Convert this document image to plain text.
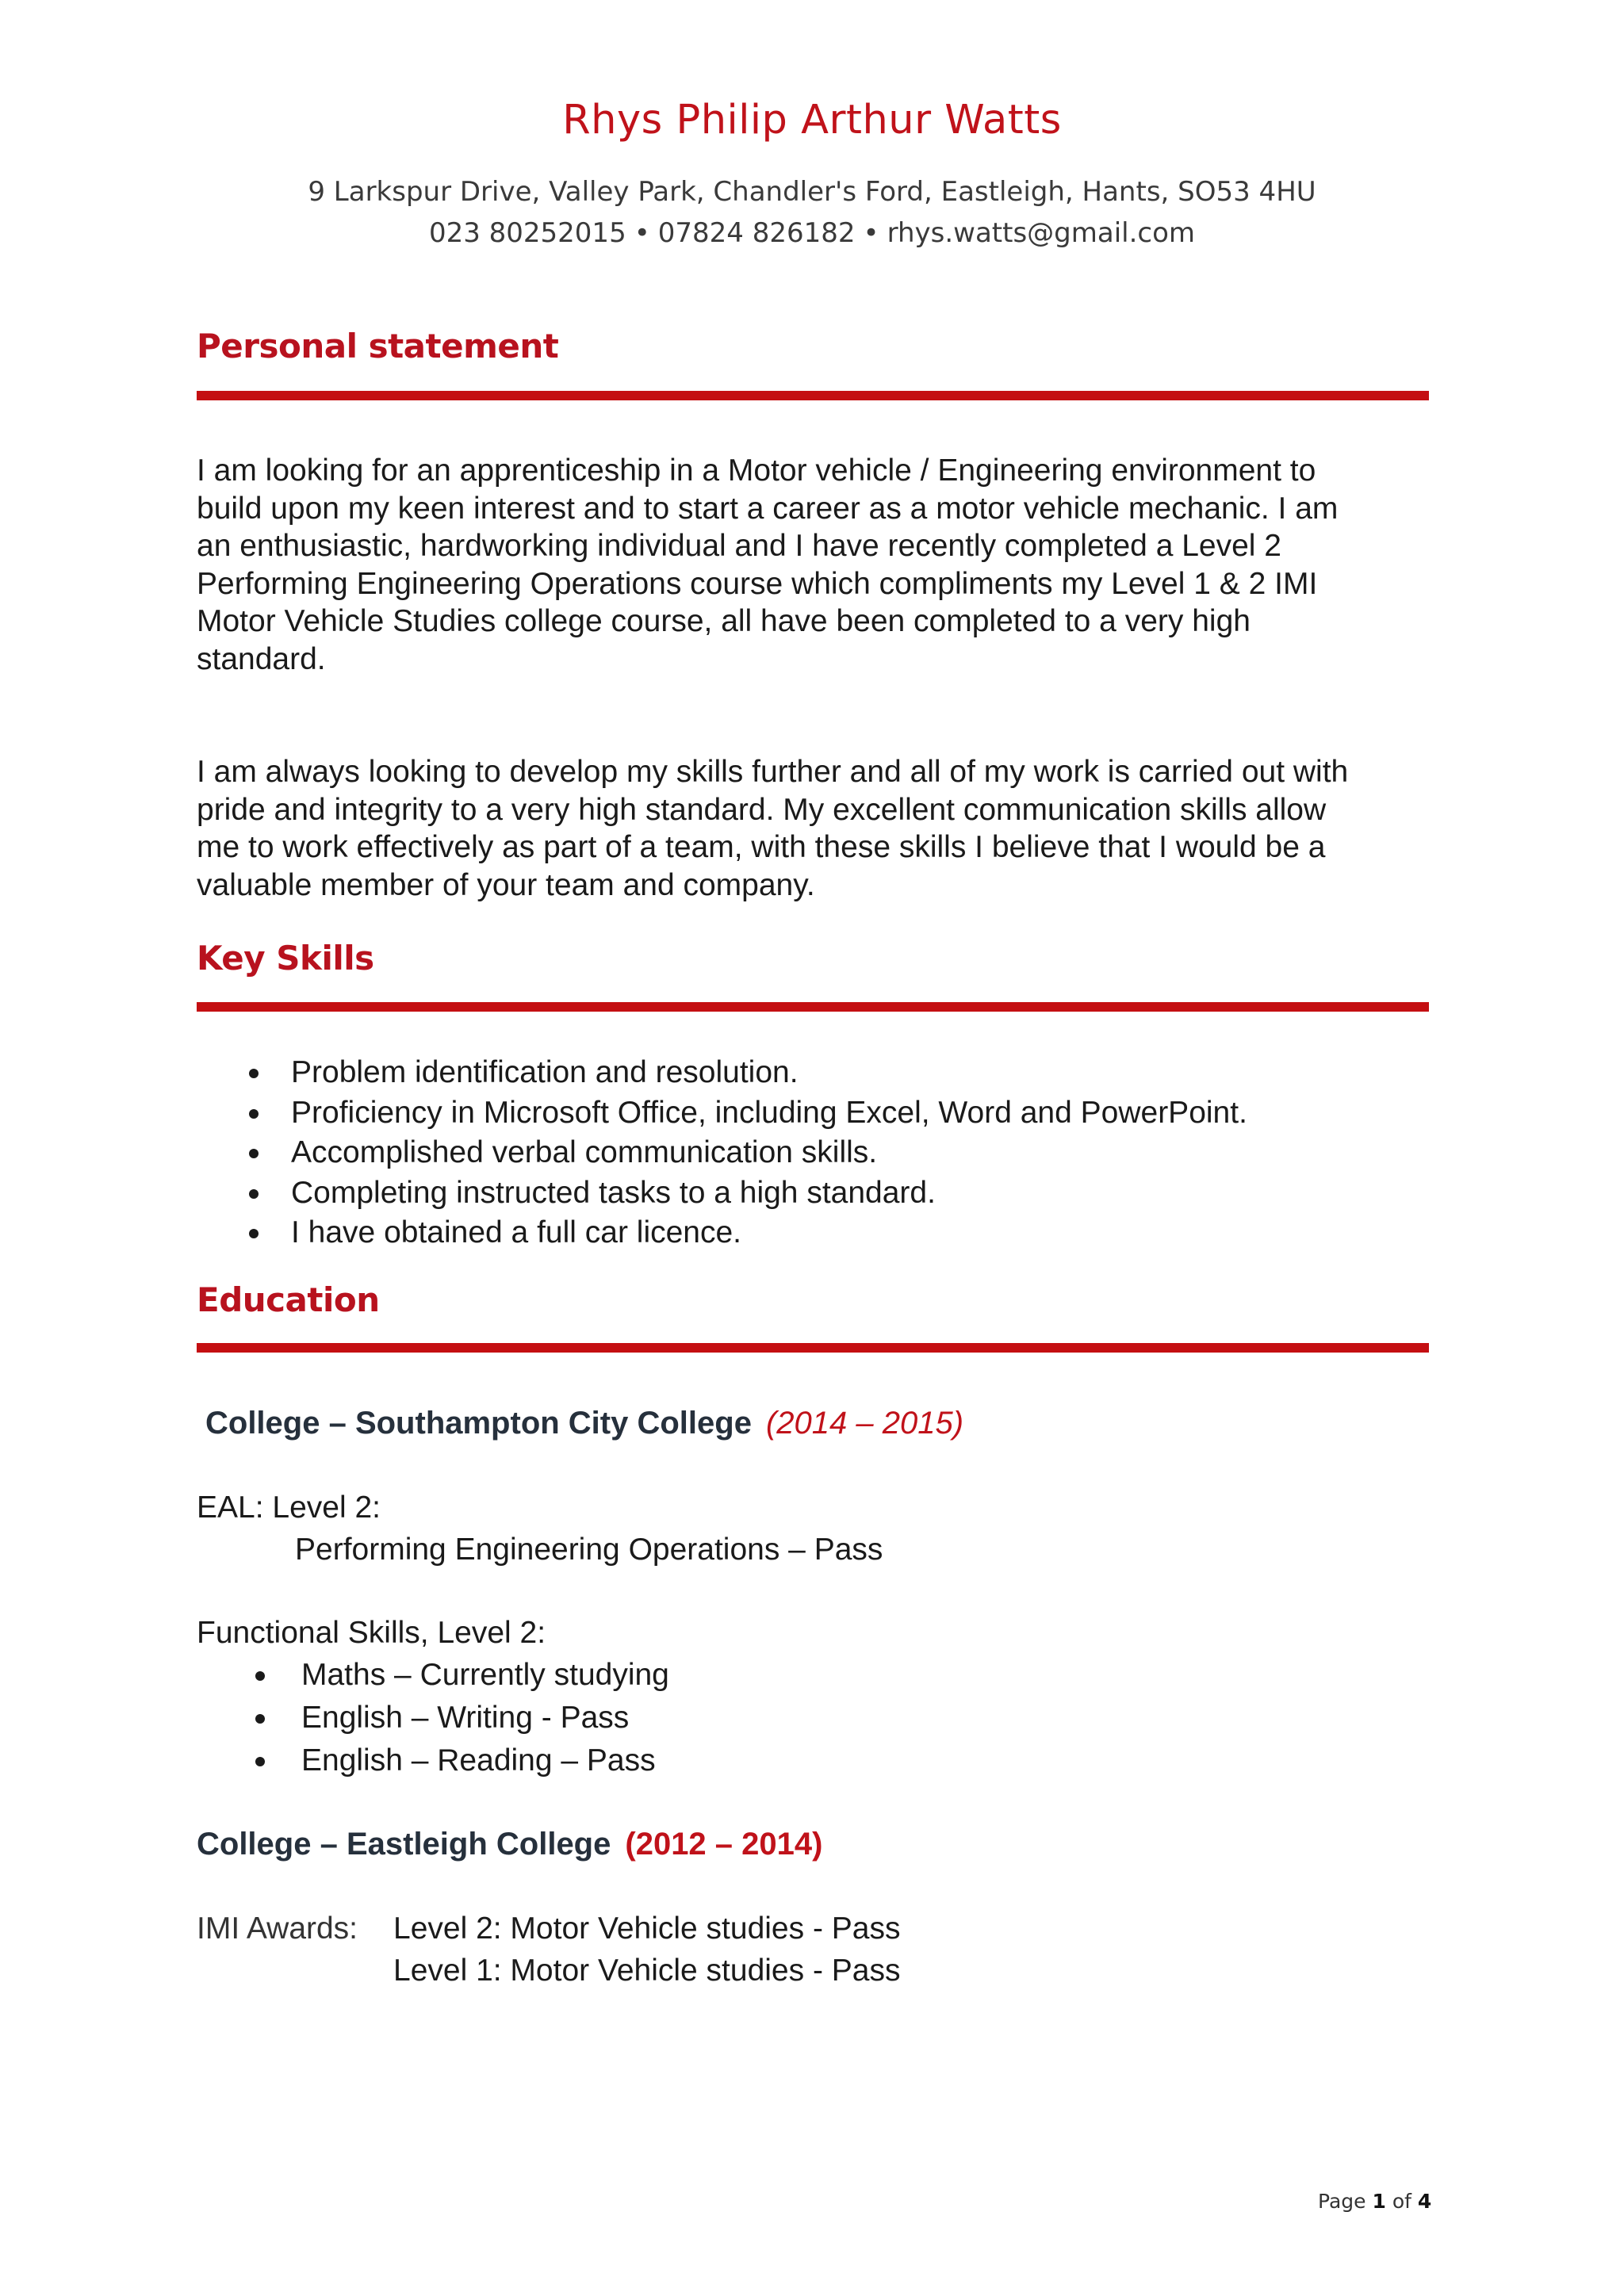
Rhys Philip Arthur Watts
9 Larkspur Drive, Valley Park, Chandler's Ford, Eastleigh, Hants, SO53 4HU
023 80252015 • 07824 826182 • rhys.watts@gmail.com
Personal statement

I am looking for an apprenticeship in a Motor vehicle / Engineering environment to

build upon my keen interest and to start a career as a motor vehicle mechanic. I am

an enthusiastic, hardworking individual and I have recently completed a Level 2

Performing Engineering Operations course which compliments my Level 1 & 2 IMI

Motor Vehicle Studies college course, all have been completed to a very high

standard.

I am always looking to develop my skills further and all of my work is carried out with

pride and integrity to a very high standard. My excellent communication skills allow

me to work effectively as part of a team, with these skills I believe that I would be a

valuable member of your team and company.

Key Skills
Problem identification and resolution.
Proficiency in Microsoft Office, including Excel, Word and PowerPoint.
Accomplished verbal communication skills.
Completing instructed tasks to a high standard.
I have obtained a full car licence.
Education
College – Southampton City College (2014 – 2015)
EAL: Level 2:
Performing Engineering Operations – Pass
Functional Skills, Level 2:
Maths – Currently studying
English – Writing - Pass
English – Reading – Pass
College – Eastleigh College (2012 – 2014)
IMI Awards: Level 2: Motor Vehicle studies - Pass
Level 1: Motor Vehicle studies - Pass
Page 1 of 4
